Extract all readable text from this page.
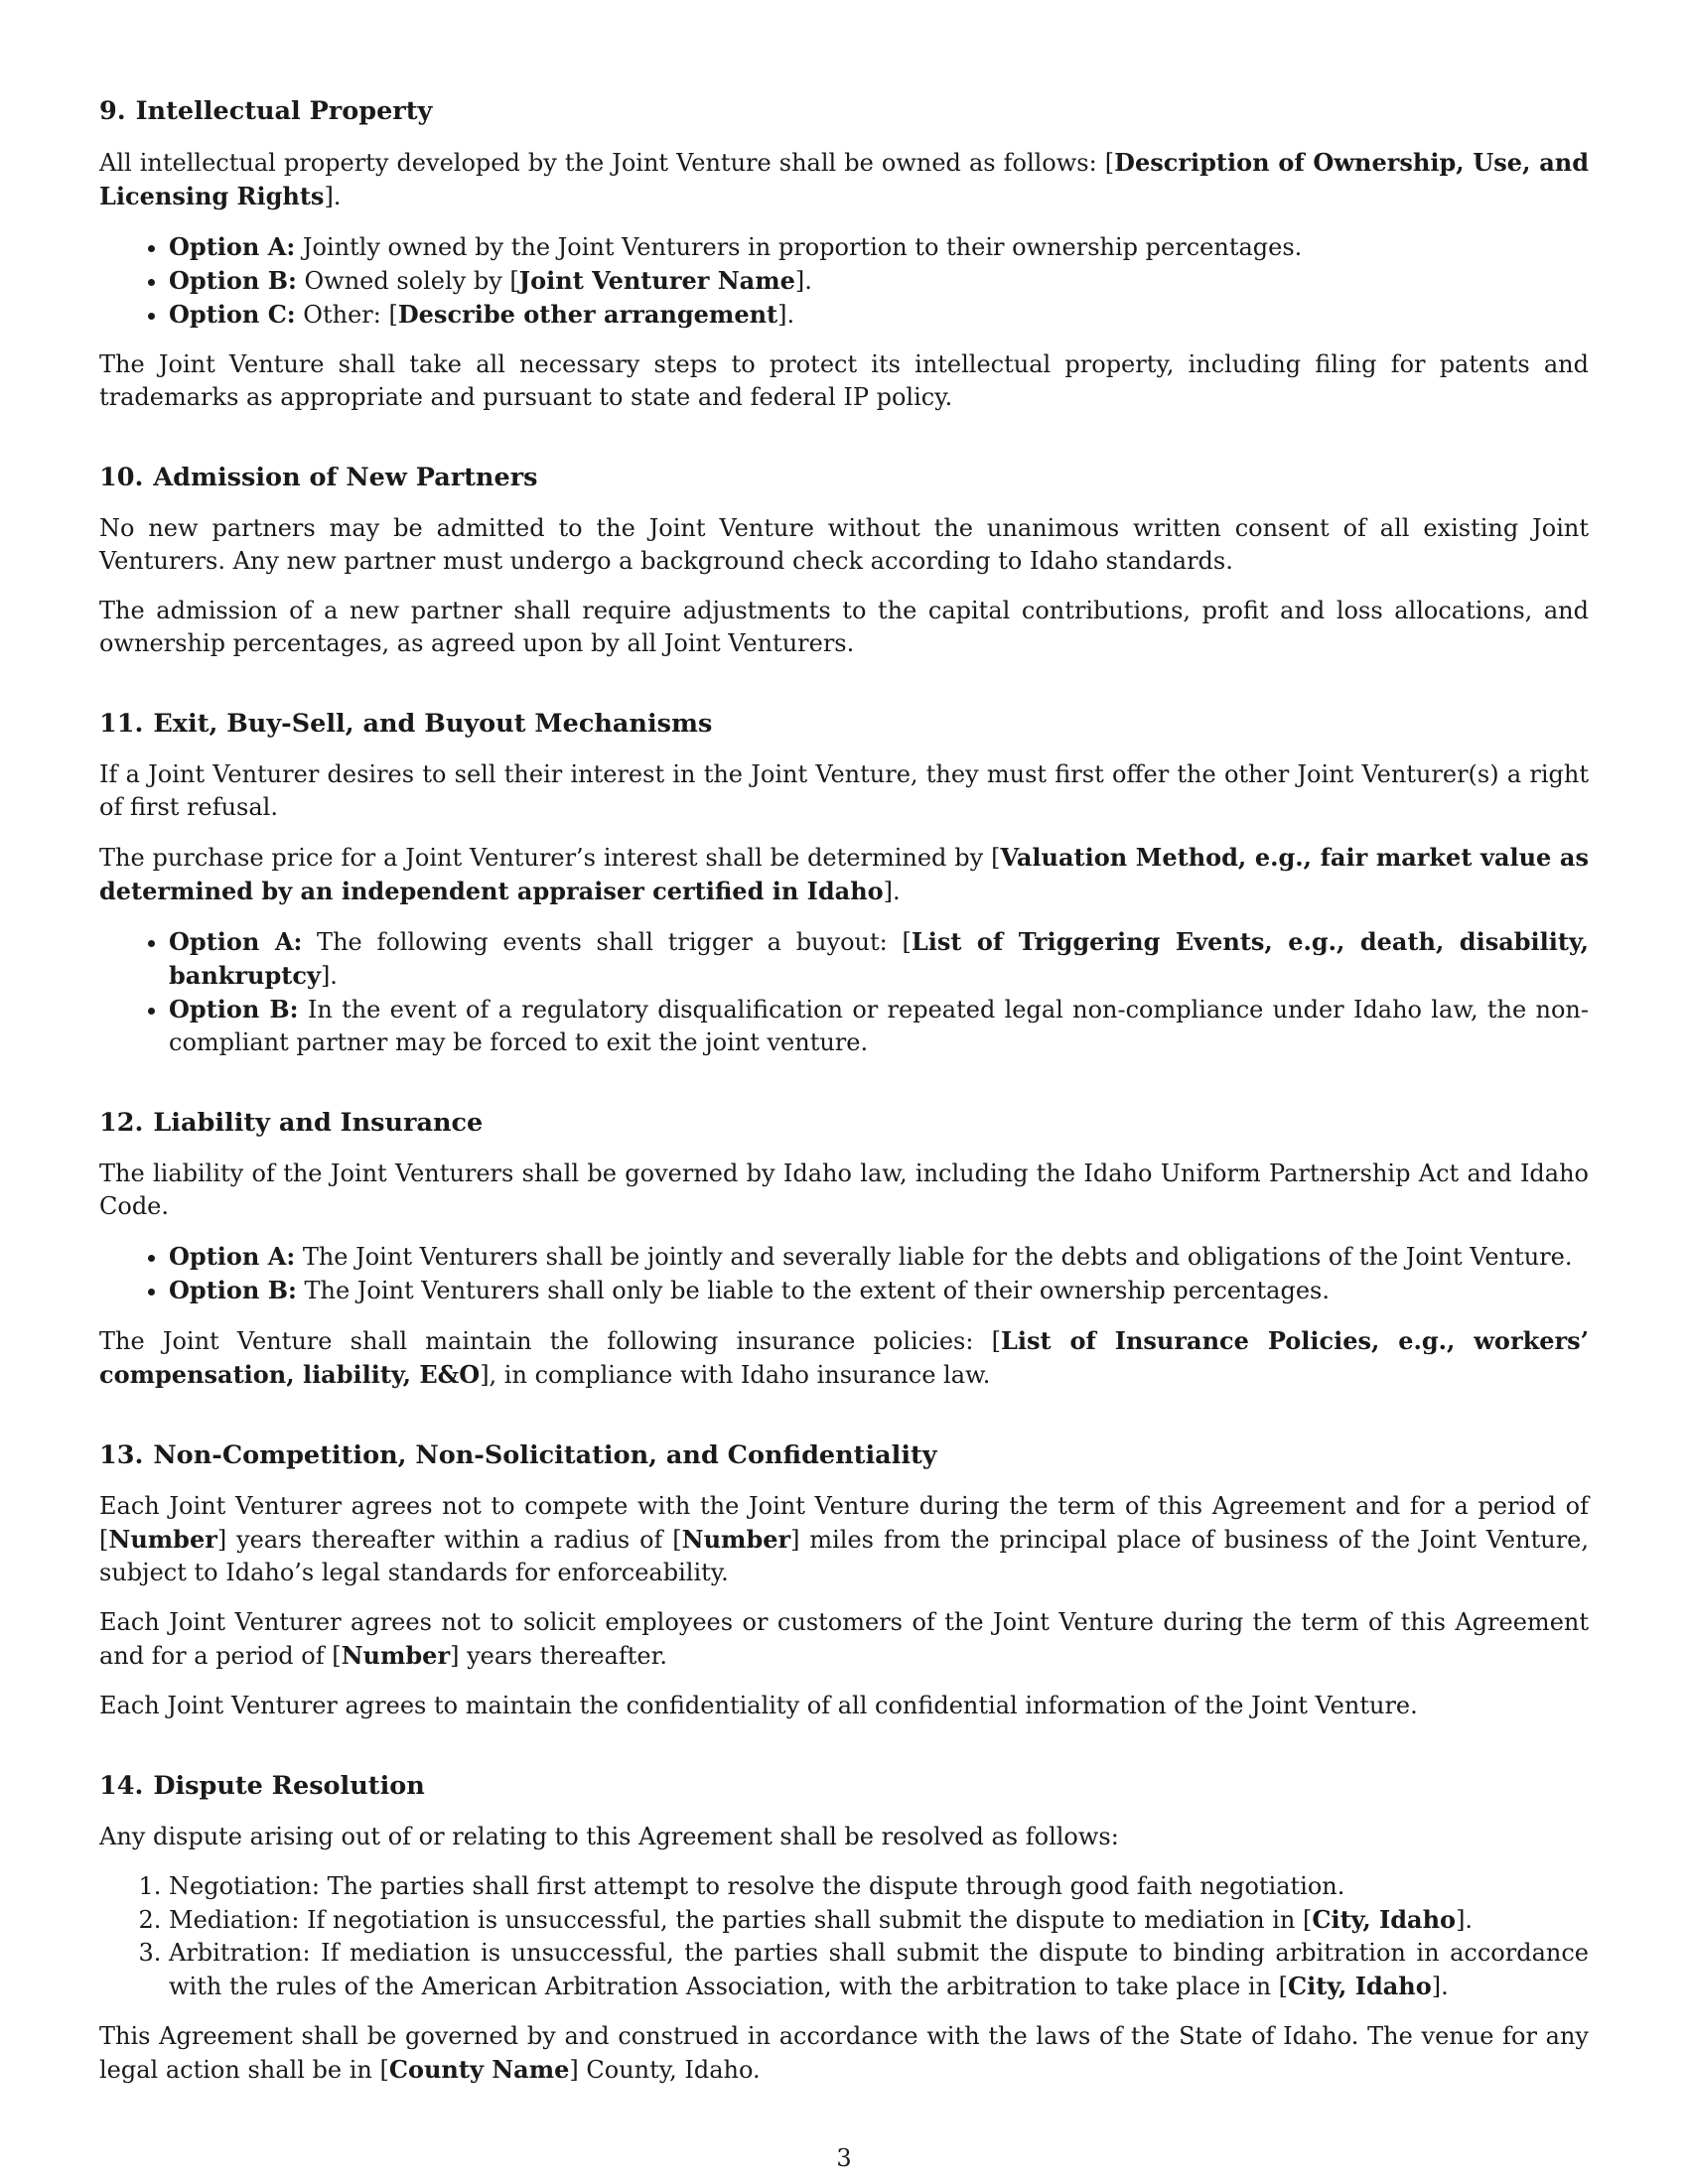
9. Intellectual Property

All intellectual property developed by the Joint Venture shall be owned as follows: [Description of Ownership, Use, and Licensing Rights].

• Option A: Jointly owned by the Joint Venturers in proportion to their ownership percentages.
• Option B: Owned solely by [Joint Venturer Name].
• Option C: Other: [Describe other arrangement].

The Joint Venture shall take all necessary steps to protect its intellectual property, including filing for patents and trademarks as appropriate and pursuant to state and federal IP policy.

10. Admission of New Partners

No new partners may be admitted to the Joint Venture without the unanimous written consent of all existing Joint Venturers. Any new partner must undergo a background check according to Idaho standards.

The admission of a new partner shall require adjustments to the capital contributions, profit and loss allocations, and ownership percentages, as agreed upon by all Joint Venturers.

11. Exit, Buy-Sell, and Buyout Mechanisms

If a Joint Venturer desires to sell their interest in the Joint Venture, they must first offer the other Joint Venturer(s) a right of first refusal.

The purchase price for a Joint Venturer’s interest shall be determined by [Valuation Method, e.g., fair market value as determined by an independent appraiser certified in Idaho].

• Option A: The following events shall trigger a buyout: [List of Triggering Events, e.g., death, disability, bankruptcy].
• Option B: In the event of a regulatory disqualification or repeated legal non-compliance under Idaho law, the non-compliant partner may be forced to exit the joint venture.
12. Liability and Insurance

The liability of the Joint Venturers shall be governed by Idaho law, including the Idaho Uniform Partnership Act and Idaho Code.

• Option A: The Joint Venturers shall be jointly and severally liable for the debts and obligations of the Joint Venture.
• Option B: The Joint Venturers shall only be liable to the extent of their ownership percentages.

The Joint Venture shall maintain the following insurance policies: [List of Insurance Policies, e.g., workers’ compensation, liability, E&O], in compliance with Idaho insurance law.

13. Non-Competition, Non-Solicitation, and Confidentiality

Each Joint Venturer agrees not to compete with the Joint Venture during the term of this Agreement and for a period of [Number] years thereafter within a radius of [Number] miles from the principal place of business of the Joint Venture, subject to Idaho’s legal standards for enforceability.

Each Joint Venturer agrees not to solicit employees or customers of the Joint Venture during the term of this Agreement and for a period of [Number] years thereafter.

Each Joint Venturer agrees to maintain the confidentiality of all confidential information of the Joint Venture.

14. Dispute Resolution

Any dispute arising out of or relating to this Agreement shall be resolved as follows:

1. Negotiation: The parties shall first attempt to resolve the dispute through good faith negotiation.
2. Mediation: If negotiation is unsuccessful, the parties shall submit the dispute to mediation in [City, Idaho].
3. Arbitration: If mediation is unsuccessful, the parties shall submit the dispute to binding arbitration in accordance with the rules of the American Arbitration Association, with the arbitration to take place in [City, Idaho].

This Agreement shall be governed by and construed in accordance with the laws of the State of Idaho. The venue for any legal action shall be in [County Name] County, Idaho.

3
